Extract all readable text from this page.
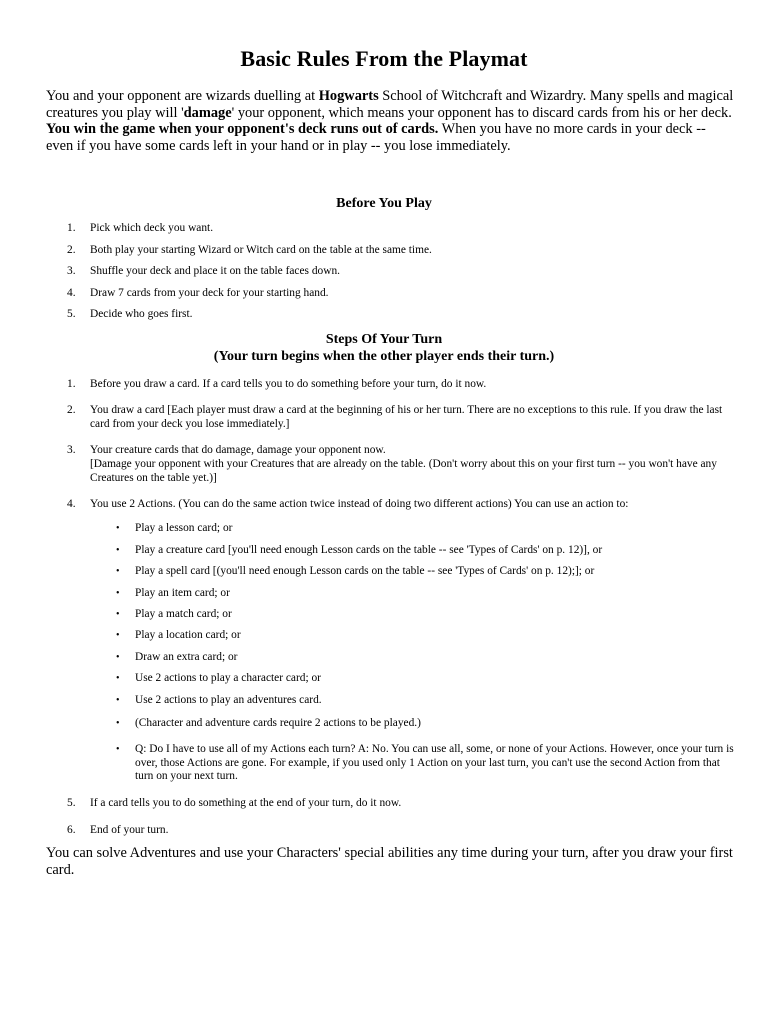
Basic Rules From the Playmat

You and your opponent are wizards duelling at Hogwarts School of Witchcraft and Wizardry. Many spells and magical creatures you play will 'damage' your opponent, which means your opponent has to discard cards from his or her deck.

You win the game when your opponent's deck runs out of cards. When you have no more cards in your deck -- even if you have some cards left in your hand or in play -- you lose immediately.

Before You Play
1. Pick which deck you want.
2. Both play your starting Wizard or Witch card on the table at the same time.
3. Shuffle your deck and place it on the table faces down.
4. Draw 7 cards from your deck for your starting hand.
5. Decide who goes first.
Steps Of Your Turn
(Your turn begins when the other player ends their turn.)
1. Before you draw a card. If a card tells you to do something before your turn, do it now.
2. You draw a card [Each player must draw a card at the beginning of his or her turn. There are no exceptions to this rule. If you draw the last card from your deck you lose immediately.]
3. Your creature cards that do damage, damage your opponent now.
[Damage your opponent with your Creatures that are already on the table. (Don't worry about this on your first turn -- you won't have any Creatures on the table yet.)]
4. You use 2 Actions. (You can do the same action twice instead of doing two different actions) You can use an action to:
• Play a lesson card; or
• Play a creature card [you'll need enough Lesson cards on the table -- see 'Types of Cards' on p. 12)], or
• Play a spell card [(you'll need enough Lesson cards on the table -- see 'Types of Cards' on p. 12);]; or
• Play an item card; or
• Play a match card; or
• Play a location card; or
• Draw an extra card; or
• Use 2 actions to play a character card; or
• Use 2 actions to play an adventures card.
• (Character and adventure cards require 2 actions to be played.)
• Q: Do I have to use all of my Actions each turn? A: No. You can use all, some, or none of your Actions. However, once your turn is over, those Actions are gone. For example, if you used only 1 Action on your last turn, you can't use the second Action from that turn on your next turn.
5. If a card tells you to do something at the end of your turn, do it now.
6. End of your turn.
You can solve Adventures and use your Characters' special abilities any time during your turn, after you draw your first card.
